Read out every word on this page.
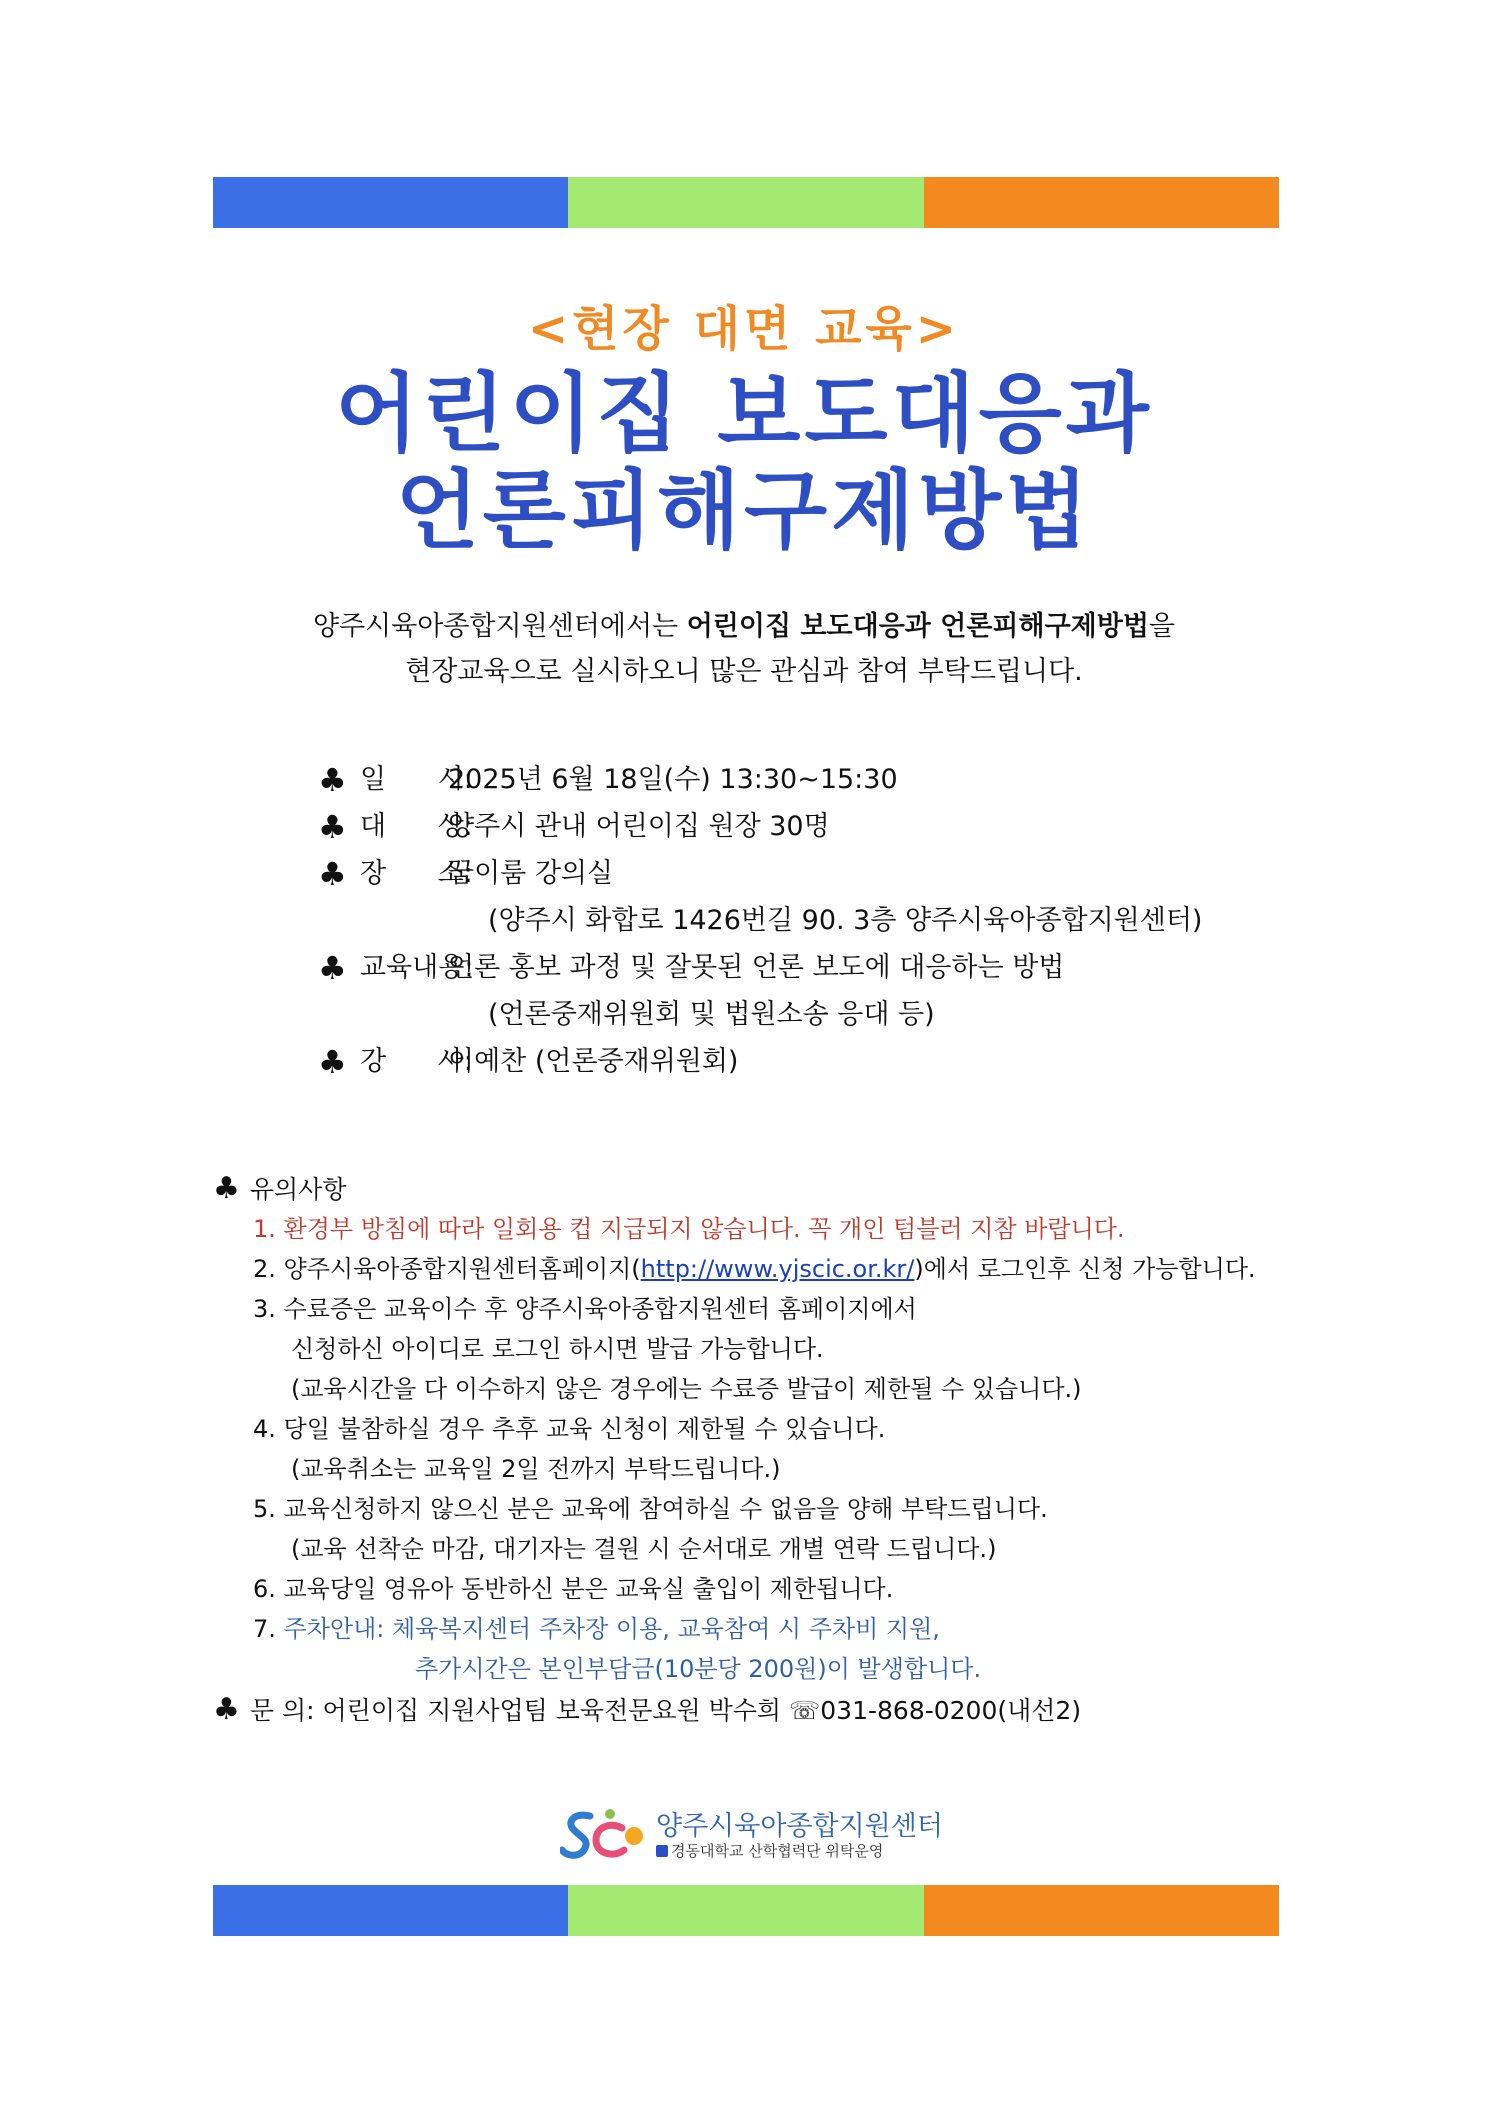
<현장 대면 교육>
어린이집 보도대응과
언론피해구제방법
양주시육아종합지원센터에서는 어린이집 보도대응과 언론피해구제방법을
현장교육으로 실시하오니 많은 관심과 참여 부탁드립니다.
♣ 일      시:
2025년 6월 18일(수) 13:30~15:30
♣ 대      상:
양주시 관내 어린이집 원장 30명
♣ 장      소:
꿈이룸 강의실
(양주시 화합로 1426번길 90. 3층 양주시육아종합지원센터)
♣ 교육내용:
언론 홍보 과정 및 잘못된 언론 보도에 대응하는 방법
(언론중재위원회 및 법원소송 응대 등)
♣ 강      사:
이예찬 (언론중재위원회)
♣ 유의사항
1. 환경부 방침에 따라 일회용 컵 지급되지 않습니다. 꼭 개인 텀블러 지참 바랍니다.
2. 양주시육아종합지원센터홈페이지(http://www.yjscic.or.kr/)에서 로그인후 신청 가능합니다.
3. 수료증은 교육이수 후 양주시육아종합지원센터 홈페이지에서
신청하신 아이디로 로그인 하시면 발급 가능합니다.
(교육시간을 다 이수하지 않은 경우에는 수료증 발급이 제한될 수 있습니다.)
4. 당일 불참하실 경우 추후 교육 신청이 제한될 수 있습니다.
(교육취소는 교육일 2일 전까지 부탁드립니다.)
5. 교육신청하지 않으신 분은 교육에 참여하실 수 없음을 양해 부탁드립니다.
(교육 선착순 마감, 대기자는 결원 시 순서대로 개별 연락 드립니다.)
6. 교육당일 영유아 동반하신 분은 교육실 출입이 제한됩니다.
7. 주차안내: 체육복지센터 주차장 이용, 교육참여 시 주차비 지원,
추가시간은 본인부담금(10분당 200원)이 발생합니다.
♣ 문 의: 어린이집 지원사업팀 보육전문요원 박수희 ☏031-868-0200(내선2)
양주시육아종합지원센터
경동대학교 산학협력단 위탁운영
